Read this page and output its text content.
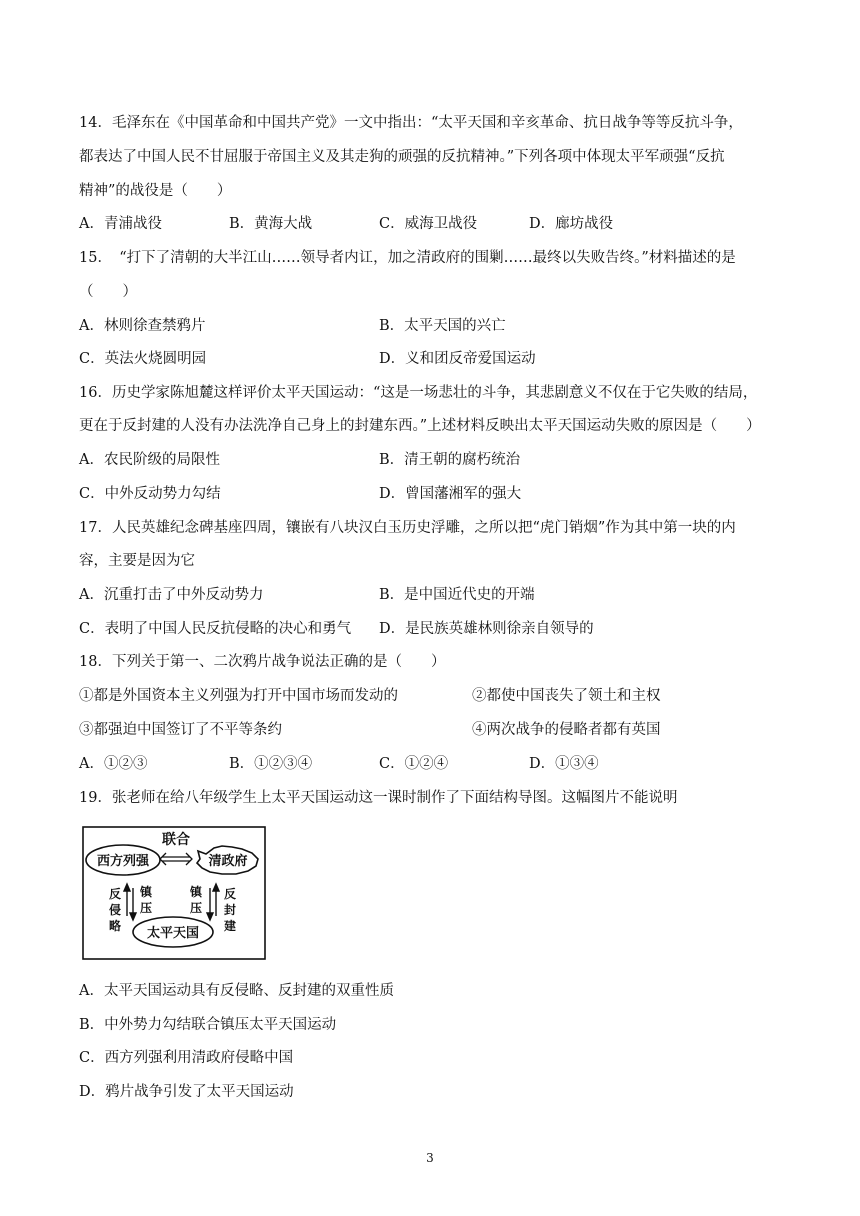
14．毛泽东在《中国革命和中国共产党》一文中指出：“太平天国和辛亥革命、抗日战争等等反抗斗争，
都表达了中国人民不甘屈服于帝国主义及其走狗的顽强的反抗精神。”下列各项中体现太平军顽强“反抗
精神”的战役是（　　）
A．青浦战役	B．黄海大战	C．威海卫战役	D．廊坊战役
15．　“打下了清朝的大半江山……领导者内讧，加之清政府的围剿……最终以失败告终。”材料描述的是
（　　）
A．林则徐查禁鸦片	B．太平天国的兴亡
C．英法火烧圆明园	D．义和团反帝爱国运动
16．历史学家陈旭麓这样评价太平天国运动：“这是一场悲壮的斗争，其悲剧意义不仅在于它失败的结局，
更在于反封建的人没有办法洗净自己身上的封建东西。”上述材料反映出太平天国运动失败的原因是（　　）
A．农民阶级的局限性	B．清王朝的腐朽统治
C．中外反动势力勾结	D．曾国藩湘军的强大
17．人民英雄纪念碑基座四周，镶嵌有八块汉白玉历史浮雕，之所以把“虎门销烟”作为其中第一块的内
容，主要是因为它
A．沉重打击了中外反动势力	B．是中国近代史的开端
C．表明了中国人民反抗侵略的决心和勇气 D．是民族英雄林则徐亲自领导的
18．下列关于第一、二次鸦片战争说法正确的是（　　）
①都是外国资本主义列强为打开中国市场而发动的	②都使中国丧失了领土和主权
③都强迫中国签订了不平等条约	④两次战争的侵略者都有英国
A．①②③	B．①②③④	C．①②④	D．①③④
19．张老师在给八年级学生上太平天国运动这一课时制作了下面结构导图。这幅图片不能说明
联合
西方列强	清政府
反侵略
镇压
镇压
反封建
太平天国
A．太平天国运动具有反侵略、反封建的双重性质
B．中外势力勾结联合镇压太平天国运动
C．西方列强利用清政府侵略中国
D．鸦片战争引发了太平天国运动
3
